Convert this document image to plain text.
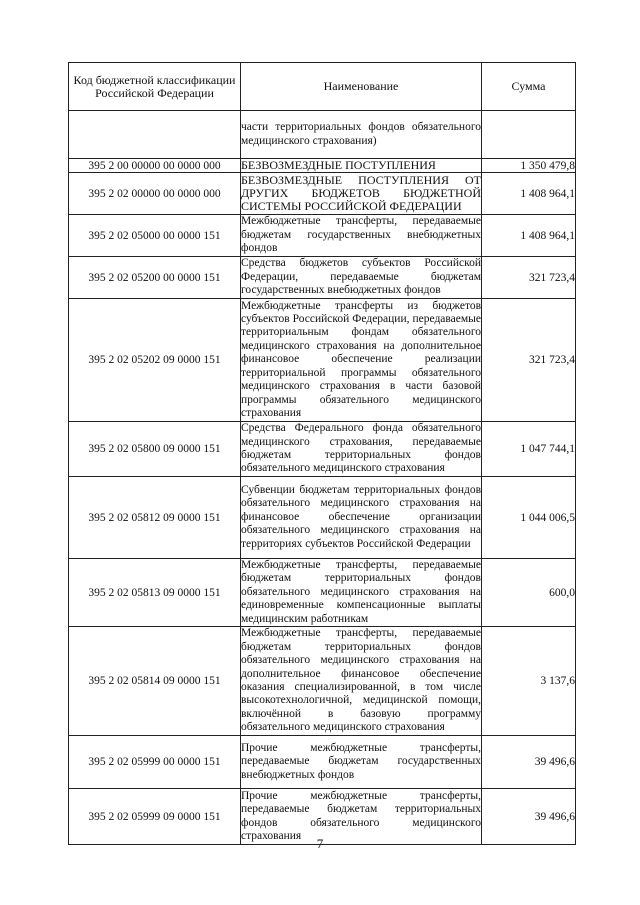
Код бюджетной классификации Российской Федерации	Наименование	Сумма
	части территориальных фондов обязательного медицинского страхования)	
395 2 00 00000 00 0000 000	БЕЗВОЗМЕЗДНЫЕ ПОСТУПЛЕНИЯ	1 350 479,8
395 2 02 00000 00 0000 000	БЕЗВОЗМЕЗДНЫЕ ПОСТУПЛЕНИЯ ОТ ДРУГИХ БЮДЖЕТОВ БЮДЖЕТНОЙ СИСТЕМЫ РОССИЙСКОЙ ФЕДЕРАЦИИ	1 408 964,1
395 2 02 05000 00 0000 151	Межбюджетные трансферты, передаваемые бюджетам государственных внебюджетных фондов	1 408 964,1
395 2 02 05200 00 0000 151	Средства бюджетов субъектов Российской Федерации, передаваемые бюджетам государственных внебюджетных фондов	321 723,4
395 2 02 05202 09 0000 151	Межбюджетные трансферты из бюджетов субъектов Российской Федерации, передаваемые территориальным фондам обязательного медицинского страхования на дополнительное финансовое обеспечение реализации территориальной программы обязательного медицинского страхования в части базовой программы обязательного медицинского страхования	321 723,4
395 2 02 05800 09 0000 151	Средства Федерального фонда обязательного медицинского страхования, передаваемые бюджетам территориальных фондов обязательного медицинского страхования	1 047 744,1
395 2 02 05812 09 0000 151	Субвенции бюджетам территориальных фондов обязательного медицинского страхования на финансовое обеспечение организации обязательного медицинского страхования на территориях субъектов Российской Федерации	1 044 006,5
395 2 02 05813 09 0000 151	Межбюджетные трансферты, передаваемые бюджетам территориальных фондов обязательного медицинского страхования на единовременные компенсационные выплаты медицинским работникам	600,0
395 2 02 05814 09 0000 151	Межбюджетные трансферты, передаваемые бюджетам территориальных фондов обязательного медицинского страхования на дополнительное финансовое обеспечение оказания специализированной, в том числе высокотехнологичной, медицинской помощи, включённой в базовую программу обязательного медицинского страхования	3 137,6
395 2 02 05999 00 0000 151	Прочие межбюджетные трансферты, передаваемые бюджетам государственных внебюджетных фондов	39 496,6
395 2 02 05999 09 0000 151	Прочие межбюджетные трансферты, передаваемые бюджетам территориальных фондов обязательного медицинского страхования	39 496,6
7
